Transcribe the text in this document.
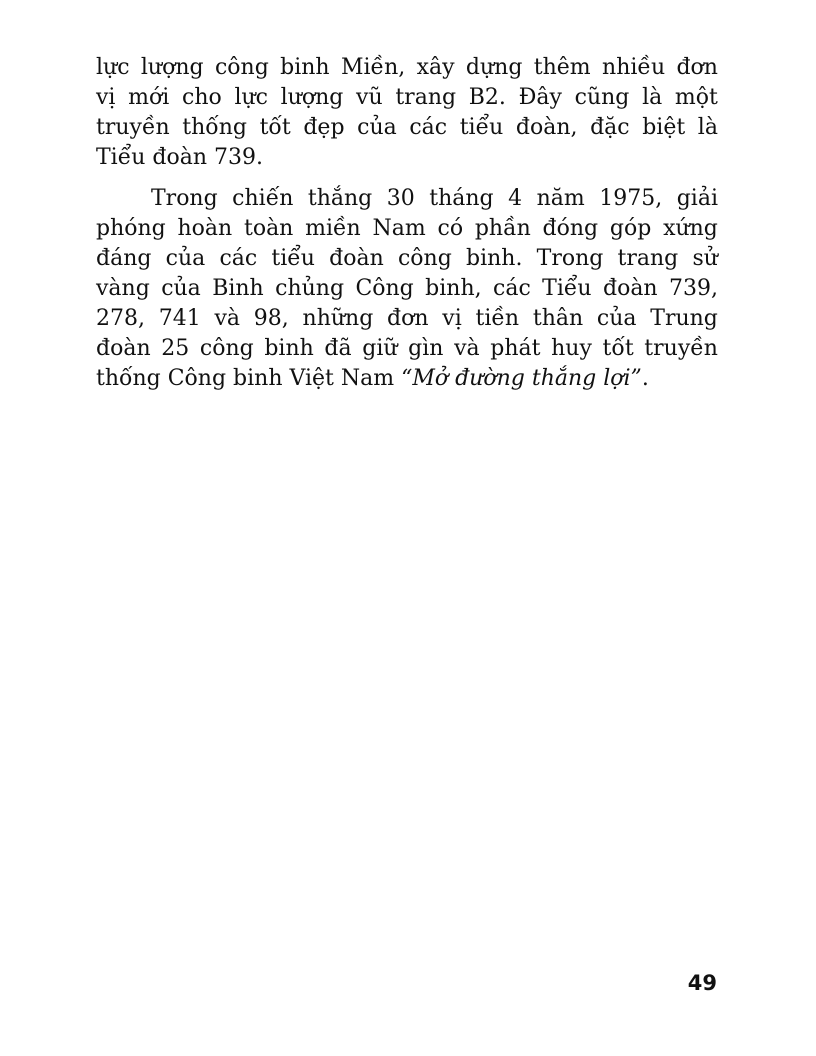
lực lượng công binh Miền, xây dựng thêm nhiều đơn
vị mới cho lực lượng vũ trang B2. Đây cũng là một
truyền thống tốt đẹp của các tiểu đoàn, đặc biệt là
Tiểu đoàn 739.
Trong chiến thắng 30 tháng 4 năm 1975, giải
phóng hoàn toàn miền Nam có phần đóng góp xứng
đáng của các tiểu đoàn công binh. Trong trang sử
vàng của Binh chủng Công binh, các Tiểu đoàn 739,
278, 741 và 98, những đơn vị tiền thân của Trung
đoàn 25 công binh đã giữ gìn và phát huy tốt truyền
thống Công binh Việt Nam “Mở đường thắng lợi” .
49
